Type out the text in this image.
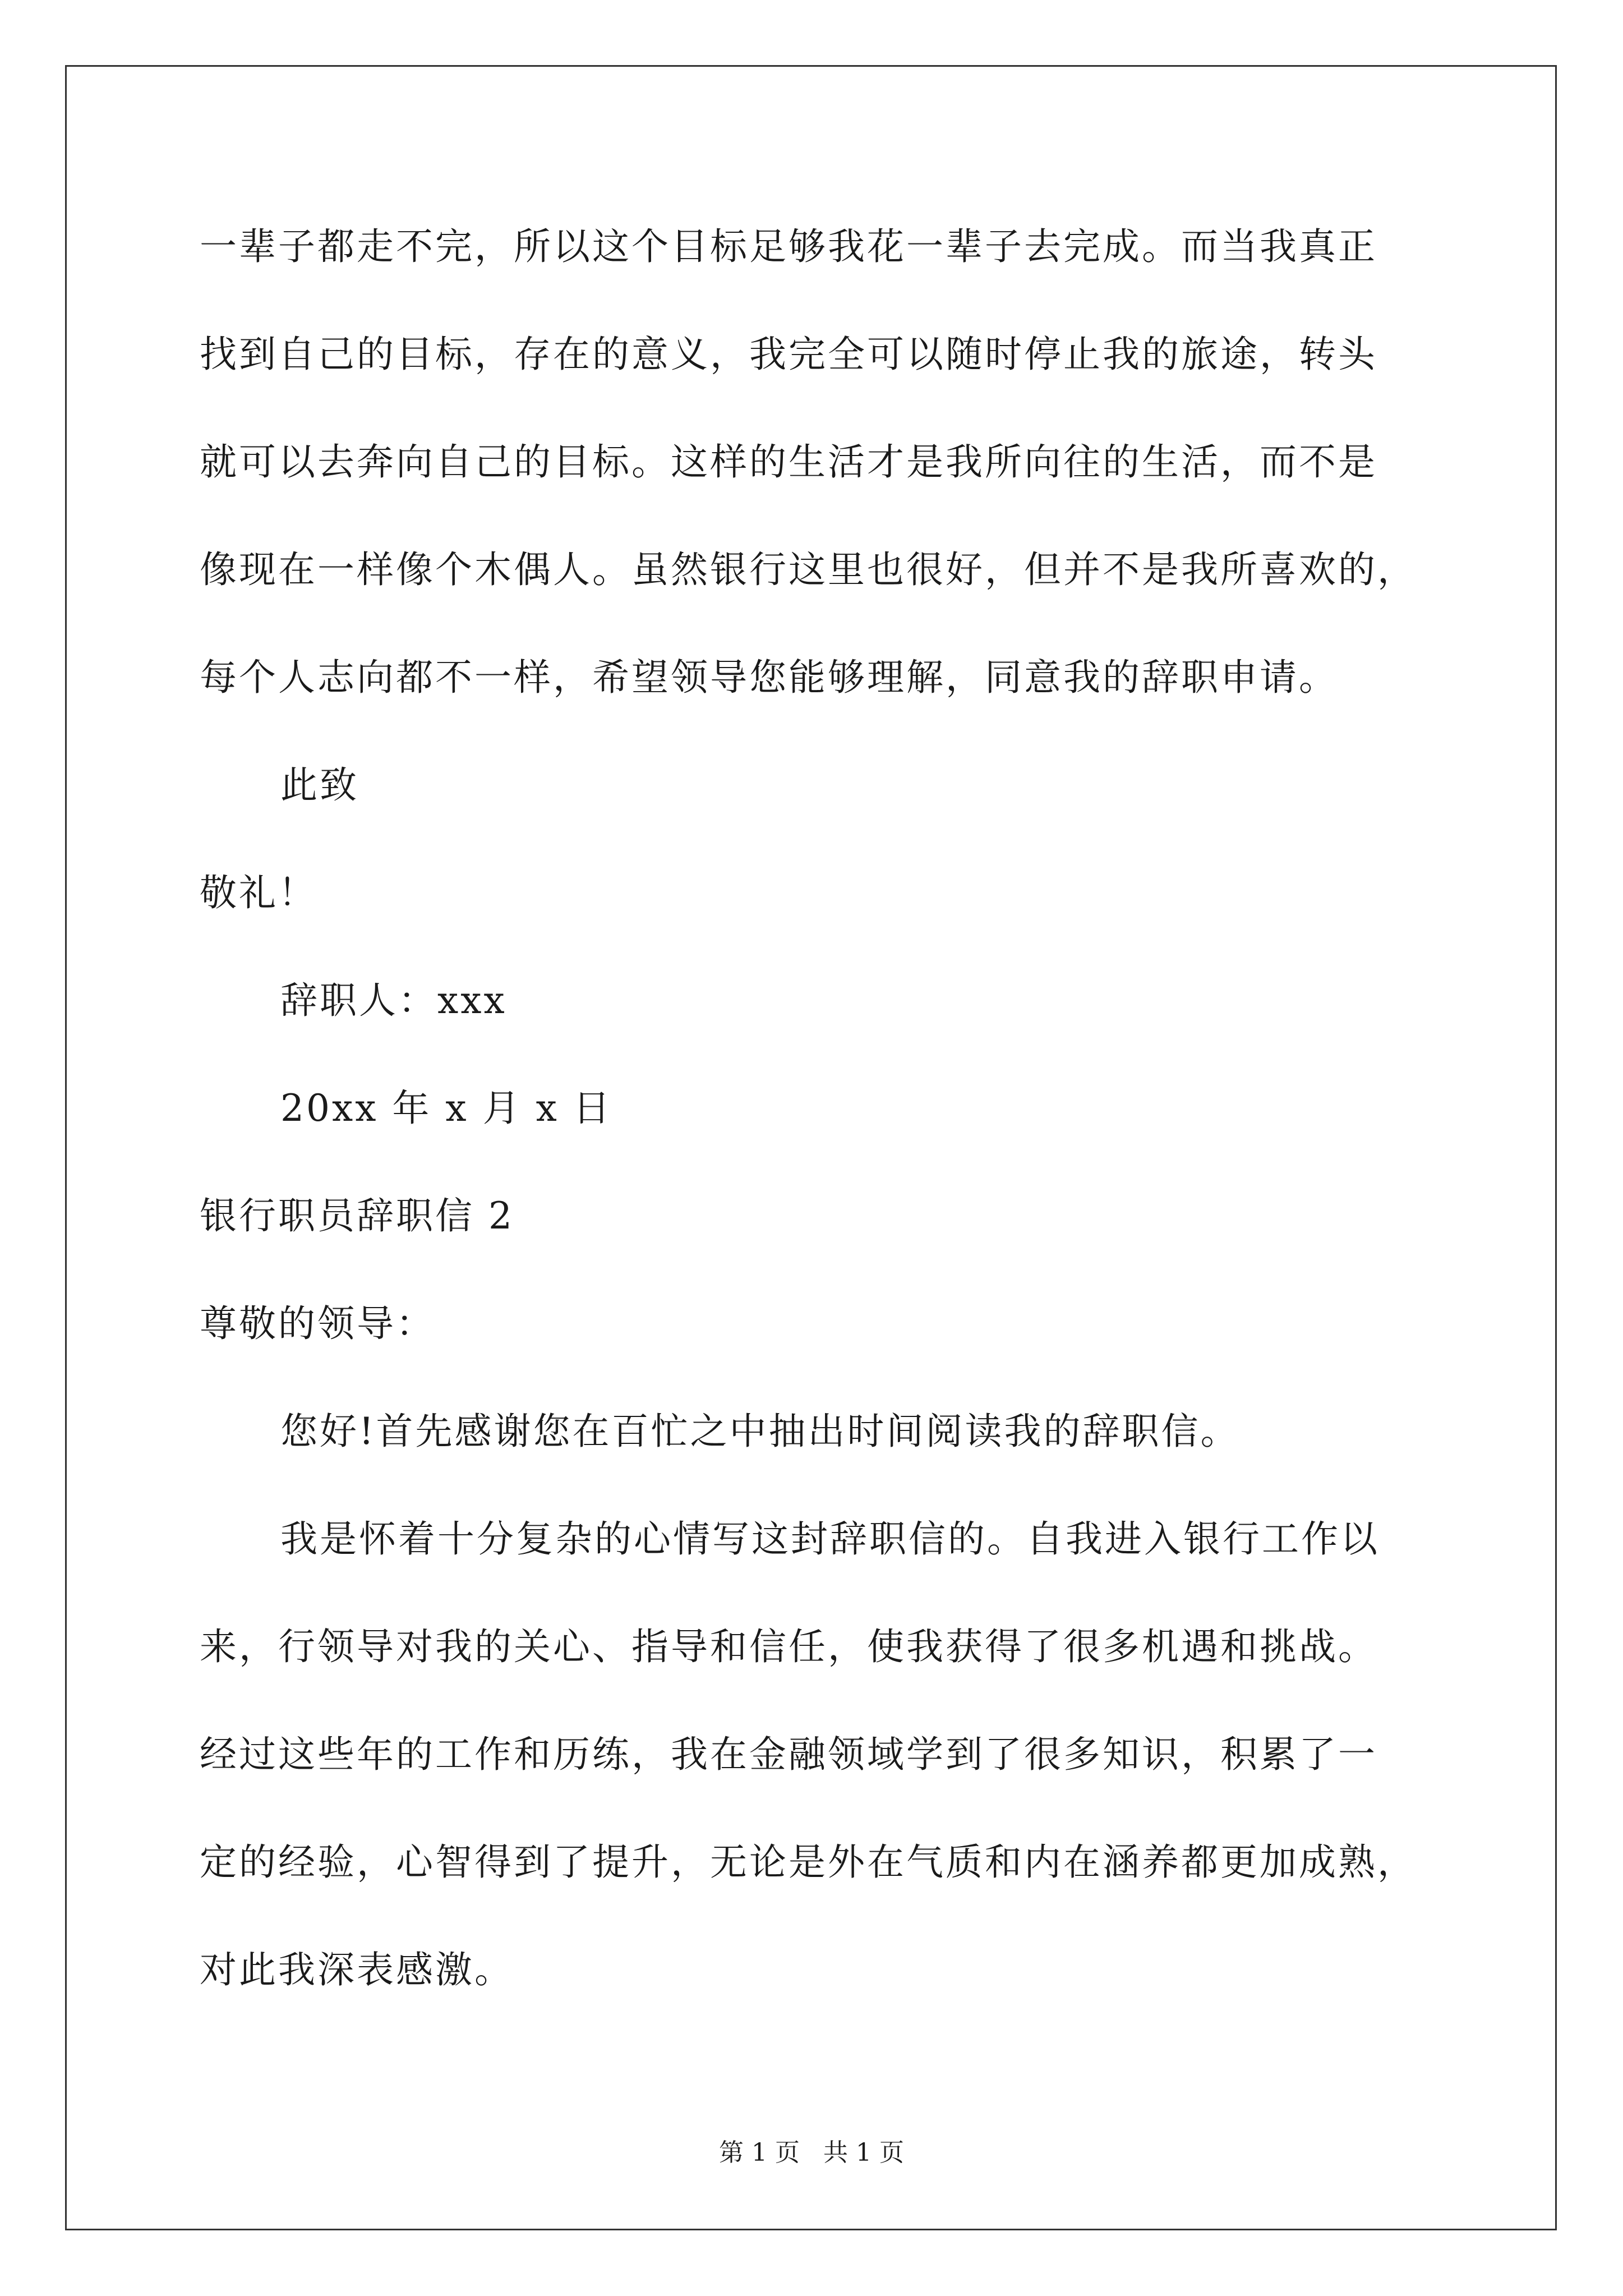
一辈子都走不完，所以这个目标足够我花一辈子去完成。而当我真正
找到自己的目标，存在的意义，我完全可以随时停止我的旅途，转头
就可以去奔向自己的目标。这样的生活才是我所向往的生活，而不是
像现在一样像个木偶人。虽然银行这里也很好，但并不是我所喜欢的，
每个人志向都不一样，希望领导您能够理解，同意我的辞职申请。
此致
敬礼！
辞职人：xxx
20xx 年 x 月 x 日
银行职员辞职信 2
尊敬的领导：
您好!首先感谢您在百忙之中抽出时间阅读我的辞职信。
我是怀着十分复杂的心情写这封辞职信的。自我进入银行工作以
来，行领导对我的关心、指导和信任，使我获得了很多机遇和挑战。
经过这些年的工作和历练，我在金融领域学到了很多知识，积累了一
定的经验，心智得到了提升，无论是外在气质和内在涵养都更加成熟，
对此我深表感激。
第 1 页   共 1 页
